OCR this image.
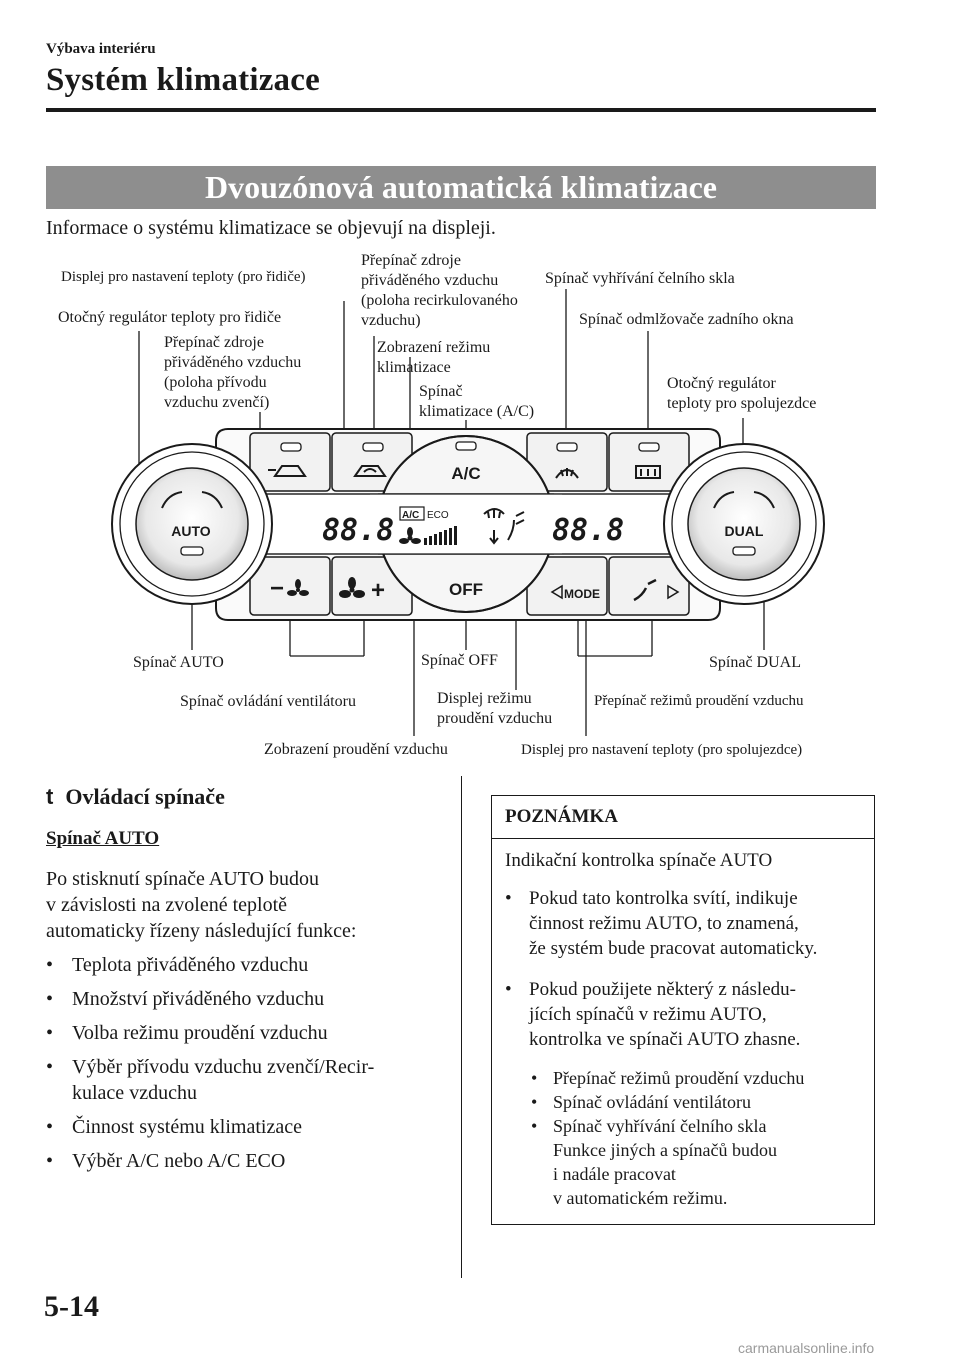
Výbava interiéru
Systém klimatizace
Dvouzónová automatická klimatizace
Informace o systému klimatizace se objevují na displeji.
88.8	88.8
A/C ECO
A/C
OFF
−	+	MODE
AUTO	DUAL
Displej pro nastavení teploty (pro řidiče)
Otočný regulátor teploty pro řidiče
Přepínač zdroje
přiváděného vzduchu
(poloha přívodu
vzduchu zvenčí)
Přepínač zdroje
přiváděného vzduchu
(poloha recirkulovaného
vzduchu)
Zobrazení režimu
klimatizace
Spínač
klimatizace (A/C)
Spínač vyhřívání čelního skla
Spínač odmlžovače zadního okna
Otočný regulátor
teploty pro spolujezdce
Spínač AUTO
Spínač ovládání ventilátoru
Zobrazení proudění vzduchu
Spínač OFF
Displej režimu
proudění vzduchu
Spínač DUAL
Přepínač režimů proudění vzduchu
Displej pro nastavení teploty (pro spolujezdce)
t Ovládací spínače
Spínač AUTO
Po stisknutí spínače AUTO budou
v závislosti na zvolené teplotě
automaticky řízeny následující funkce:
• Teplota přiváděného vzduchu
• Množství přiváděného vzduchu
• Volba režimu proudění vzduchu
• Výběr přívodu vzduchu zvenčí/Recir-
kulace vzduchu
• Činnost systému klimatizace
• Výběr A/C nebo A/C ECO
POZNÁMKA
Indikační kontrolka spínače AUTO
• Pokud tato kontrolka svítí, indikuje
činnost režimu AUTO, to znamená,
že systém bude pracovat automaticky.
• Pokud použijete některý z následu-
jících spínačů v režimu AUTO,
kontrolka ve spínači AUTO zhasne.
• Přepínač režimů proudění vzduchu
• Spínač ovládání ventilátoru
• Spínač vyhřívání čelního skla
Funkce jiných a spínačů budou
i nadále pracovat
v automatickém režimu.
5-14
carmanualsonline.info
